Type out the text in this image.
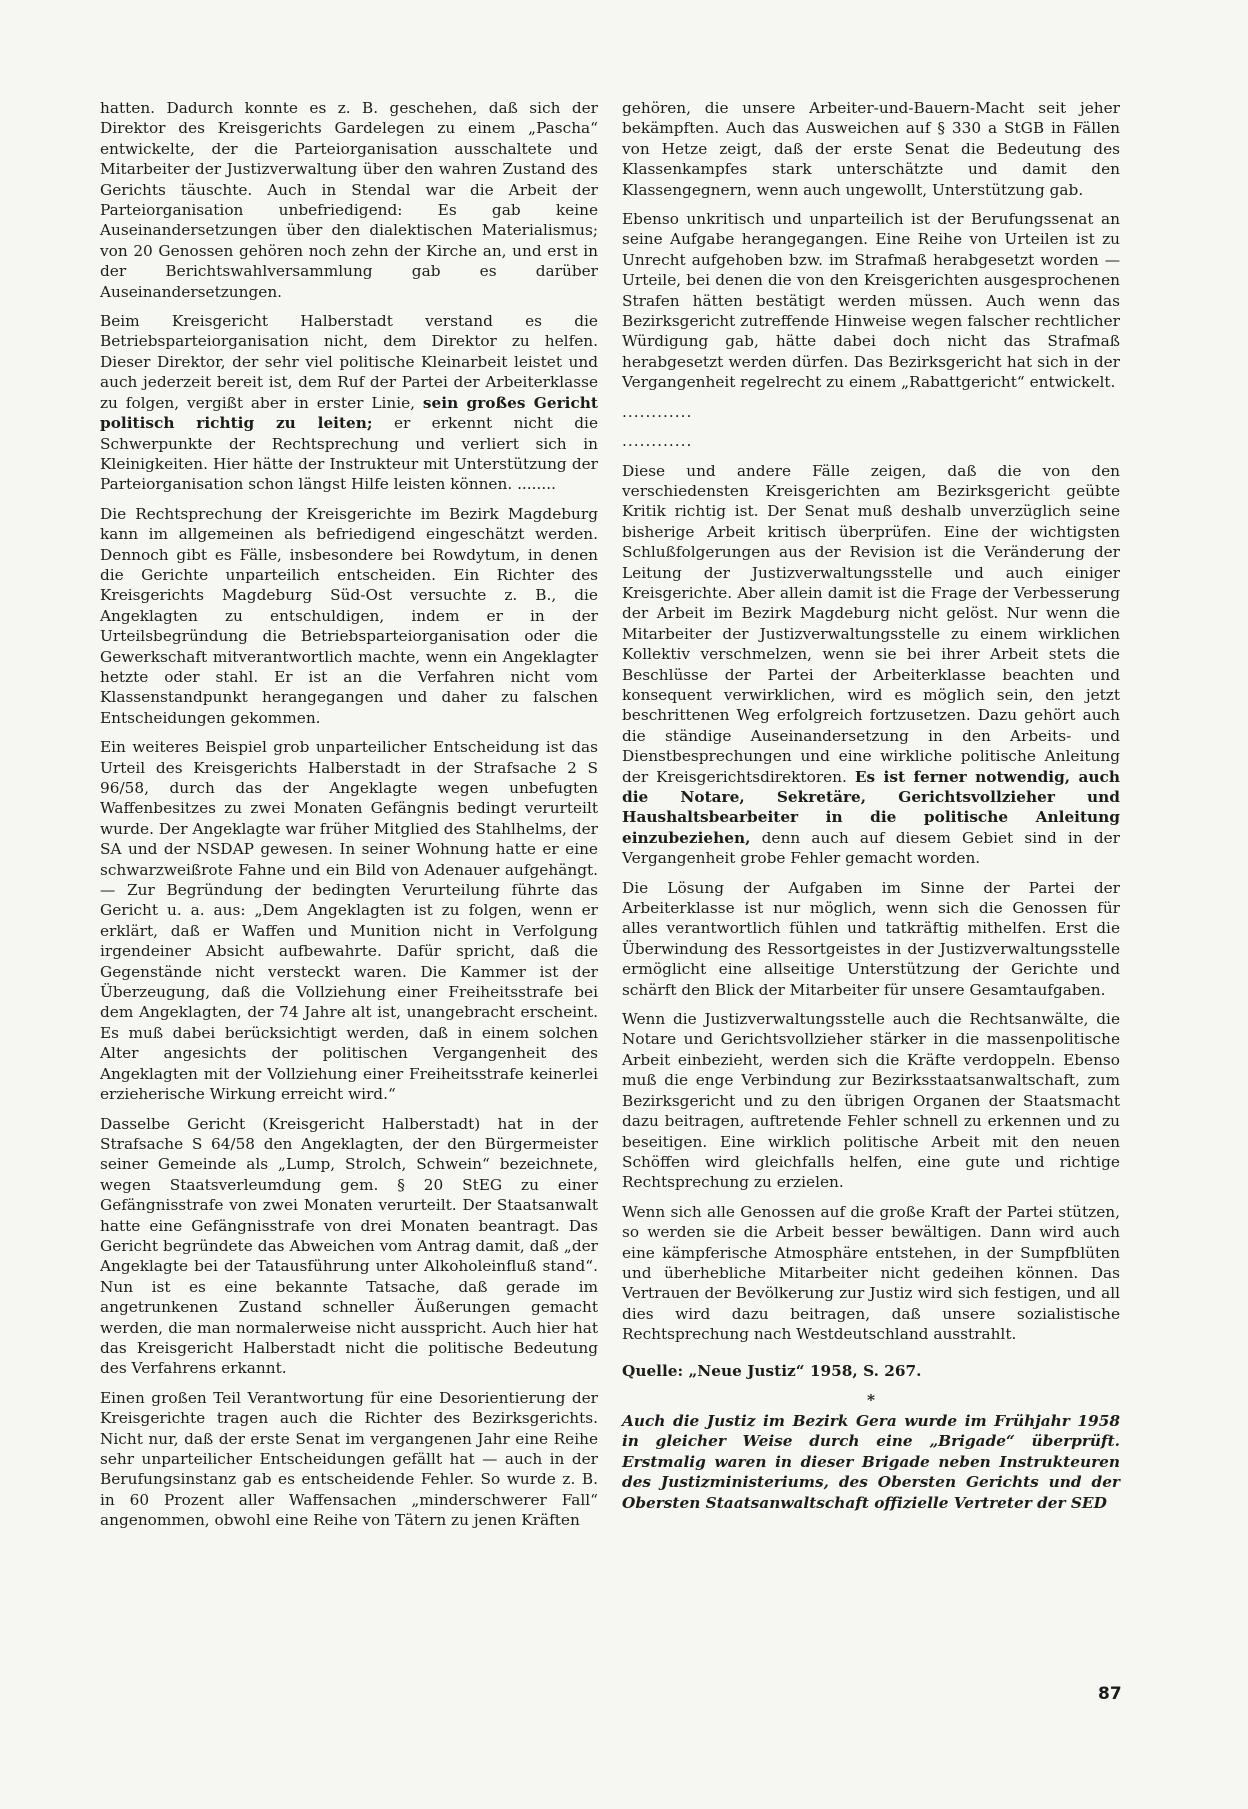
hatten. Dadurch konnte es z. B. geschehen, daß sich der Direktor des Kreisgerichts Gardelegen zu einem „Pascha“ entwickelte, der die Parteiorganisation ausschaltete und Mitarbeiter der Justizverwaltung über den wahren Zustand des Gerichts täuschte. Auch in Stendal war die Arbeit der Parteiorganisation unbefriedigend: Es gab keine Auseinandersetzungen über den dialektischen Materialismus; von 20 Genossen gehören noch zehn der Kirche an, und erst in der Berichtswahlversammlung gab es darüber Auseinandersetzungen.

Beim Kreisgericht Halberstadt verstand es die Betriebsparteiorganisation nicht, dem Direktor zu helfen. Dieser Direktor, der sehr viel politische Kleinarbeit leistet und auch jederzeit bereit ist, dem Ruf der Partei der Arbeiterklasse zu folgen, vergißt aber in erster Linie, sein großes Gericht politisch richtig zu leiten; er erkennt nicht die Schwerpunkte der Rechtsprechung und verliert sich in Kleinigkeiten. Hier hätte der Instrukteur mit Unterstützung der Parteiorganisation schon längst Hilfe leisten können. ........

Die Rechtsprechung der Kreisgerichte im Bezirk Magdeburg kann im allgemeinen als befriedigend eingeschätzt werden. Dennoch gibt es Fälle, insbesondere bei Rowdytum, in denen die Gerichte unparteilich entscheiden. Ein Richter des Kreisgerichts Magdeburg Süd-Ost versuchte z. B., die Angeklagten zu entschuldigen, indem er in der Urteilsbegründung die Betriebsparteiorganisation oder die Gewerkschaft mitverantwortlich machte, wenn ein Angeklagter hetzte oder stahl. Er ist an die Verfahren nicht vom Klassenstandpunkt herangegangen und daher zu falschen Entscheidungen gekommen.

Ein weiteres Beispiel grob unparteilicher Entscheidung ist das Urteil des Kreisgerichts Halberstadt in der Strafsache 2 S 96/58, durch das der Angeklagte wegen unbefugten Waffenbesitzes zu zwei Monaten Gefängnis bedingt verurteilt wurde. Der Angeklagte war früher Mitglied des Stahlhelms, der SA und der NSDAP gewesen. In seiner Wohnung hatte er eine schwarzweißrote Fahne und ein Bild von Adenauer aufgehängt. — Zur Begründung der bedingten Verurteilung führte das Gericht u. a. aus: „Dem Angeklagten ist zu folgen, wenn er erklärt, daß er Waffen und Munition nicht in Verfolgung irgendeiner Absicht aufbewahrte. Dafür spricht, daß die Gegenstände nicht versteckt waren. Die Kammer ist der Überzeugung, daß die Vollziehung einer Freiheitsstrafe bei dem Angeklagten, der 74 Jahre alt ist, unangebracht erscheint. Es muß dabei berücksichtigt werden, daß in einem solchen Alter angesichts der politischen Vergangenheit des Angeklagten mit der Vollziehung einer Freiheitsstrafe keinerlei erzieherische Wirkung erreicht wird.“

Dasselbe Gericht (Kreisgericht Halberstadt) hat in der Strafsache S 64/58 den Angeklagten, der den Bürgermeister seiner Gemeinde als „Lump, Strolch, Schwein“ bezeichnete, wegen Staatsverleumdung gem. § 20 StEG zu einer Gefängnisstrafe von zwei Monaten verurteilt. Der Staatsanwalt hatte eine Gefängnisstrafe von drei Monaten beantragt. Das Gericht begründete das Abweichen vom Antrag damit, daß „der Angeklagte bei der Tatausführung unter Alkoholeinfluß stand“. Nun ist es eine bekannte Tatsache, daß gerade im angetrunkenen Zustand schneller Äußerungen gemacht werden, die man normalerweise nicht ausspricht. Auch hier hat das Kreisgericht Halberstadt nicht die politische Bedeutung des Verfahrens erkannt.

Einen großen Teil Verantwortung für eine Desorientierung der Kreisgerichte tragen auch die Richter des Bezirksgerichts. Nicht nur, daß der erste Senat im vergangenen Jahr eine Reihe sehr unparteilicher Entscheidungen gefällt hat — auch in der Berufungsinstanz gab es entscheidende Fehler. So wurde z. B. in 60 Prozent aller Waffensachen „minderschwerer Fall“ angenommen, obwohl eine Reihe von Tätern zu jenen Kräften

gehören, die unsere Arbeiter-und-Bauern-Macht seit jeher bekämpften. Auch das Ausweichen auf § 330 a StGB in Fällen von Hetze zeigt, daß der erste Senat die Bedeutung des Klassenkampfes stark unterschätzte und damit den Klassengegnern, wenn auch ungewollt, Unterstützung gab.

Ebenso unkritisch und unparteilich ist der Berufungssenat an seine Aufgabe herangegangen. Eine Reihe von Urteilen ist zu Unrecht aufgehoben bzw. im Strafmaß herabgesetzt worden — Urteile, bei denen die von den Kreisgerichten ausgesprochenen Strafen hätten bestätigt werden müssen. Auch wenn das Bezirksgericht zutreffende Hinweise wegen falscher rechtlicher Würdigung gab, hätte dabei doch nicht das Strafmaß herabgesetzt werden dürfen. Das Bezirksgericht hat sich in der Vergangenheit regelrecht zu einem „Rabattgericht“ entwickelt.

............
............

Diese und andere Fälle zeigen, daß die von den verschiedensten Kreisgerichten am Bezirksgericht geübte Kritik richtig ist. Der Senat muß deshalb unverzüglich seine bisherige Arbeit kritisch überprüfen. Eine der wichtigsten Schlußfolgerungen aus der Revision ist die Veränderung der Leitung der Justizverwaltungsstelle und auch einiger Kreisgerichte. Aber allein damit ist die Frage der Verbesserung der Arbeit im Bezirk Magdeburg nicht gelöst. Nur wenn die Mitarbeiter der Justizverwaltungsstelle zu einem wirklichen Kollektiv verschmelzen, wenn sie bei ihrer Arbeit stets die Beschlüsse der Partei der Arbeiterklasse beachten und konsequent verwirklichen, wird es möglich sein, den jetzt beschrittenen Weg erfolgreich fortzusetzen. Dazu gehört auch die ständige Auseinandersetzung in den Arbeits- und Dienstbesprechungen und eine wirkliche politische Anleitung der Kreisgerichtsdirektoren. Es ist ferner notwendig, auch die Notare, Sekretäre, Gerichtsvollzieher und Haushaltsbearbeiter in die politische Anleitung einzubeziehen, denn auch auf diesem Gebiet sind in der Vergangenheit grobe Fehler gemacht worden.

Die Lösung der Aufgaben im Sinne der Partei der Arbeiterklasse ist nur möglich, wenn sich die Genossen für alles verantwortlich fühlen und tatkräftig mithelfen. Erst die Überwindung des Ressortgeistes in der Justizverwaltungsstelle ermöglicht eine allseitige Unterstützung der Gerichte und schärft den Blick der Mitarbeiter für unsere Gesamtaufgaben.

Wenn die Justizverwaltungsstelle auch die Rechtsanwälte, die Notare und Gerichtsvollzieher stärker in die massenpolitische Arbeit einbezieht, werden sich die Kräfte verdoppeln. Ebenso muß die enge Verbindung zur Bezirksstaatsanwaltschaft, zum Bezirksgericht und zu den übrigen Organen der Staatsmacht dazu beitragen, auftretende Fehler schnell zu erkennen und zu beseitigen. Eine wirklich politische Arbeit mit den neuen Schöffen wird gleichfalls helfen, eine gute und richtige Rechtsprechung zu erzielen.

Wenn sich alle Genossen auf die große Kraft der Partei stützen, so werden sie die Arbeit besser bewältigen. Dann wird auch eine kämpferische Atmosphäre entstehen, in der Sumpfblüten und überhebliche Mitarbeiter nicht gedeihen können. Das Vertrauen der Bevölkerung zur Justiz wird sich festigen, und all dies wird dazu beitragen, daß unsere sozialistische Rechtsprechung nach Westdeutschland ausstrahlt.

Quelle: „Neue Justiz“ 1958, S. 267.

*

Auch die Justiz im Bezirk Gera wurde im Frühjahr 1958 in gleicher Weise durch eine „Brigade“ überprüft. Erstmalig waren in dieser Brigade neben Instrukteuren des Justizministeriums, des Obersten Gerichts und der Obersten Staatsanwaltschaft offizielle Vertreter der SED

87
